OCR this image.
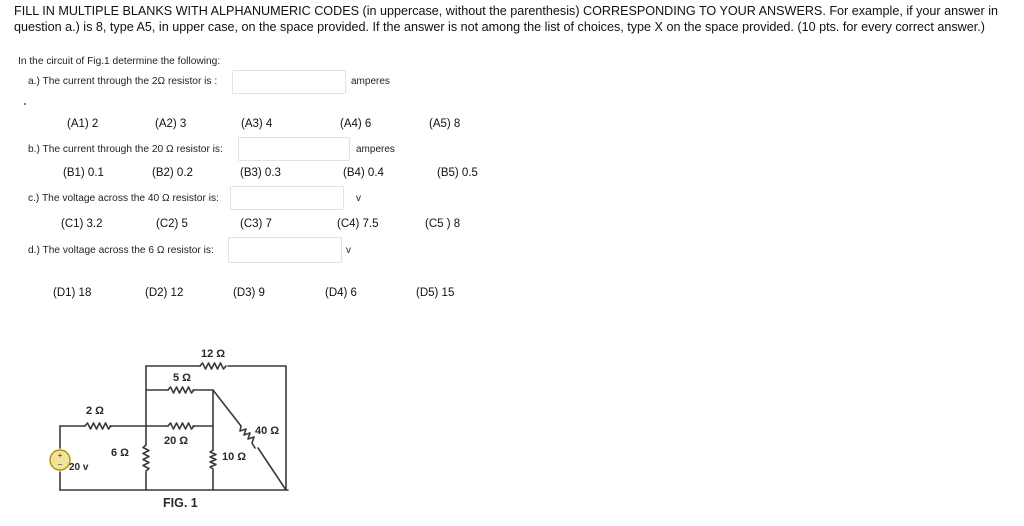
FILL IN MULTIPLE BLANKS WITH ALPHANUMERIC CODES (in uppercase, without the parenthesis) CORRESPONDING TO YOUR ANSWERS. For example, if your answer in question a.) is 8, type A5, in upper case, on the space provided. If the answer is not among the list of choices, type X on the space provided. (10 pts. for every correct answer.)
In the circuit of Fig.1 determine the following:
a.) The current through the 2Ω resistor is :	amperes
(A1) 2	(A2) 3	(A3) 4	(A4) 6	(A5) 8
b.) The current through the 20 Ω resistor is:	amperes
(B1) 0.1	(B2) 0.2	(B3) 0.3	(B4) 0.4	(B5) 0.5
c.) The voltage across the 40 Ω resistor is:	v
(C1) 3.2	(C2) 5	(C3) 7	(C4) 7.5	(C5 ) 8
d.) The voltage across the 6 Ω resistor is:	v
(D1) 18	(D2) 12	(D3) 9	(D4) 6	(D5) 15
+
−
12 Ω
5 Ω
2 Ω
40 Ω
20 Ω
6 Ω	10 Ω
20 v
FIG. 1
